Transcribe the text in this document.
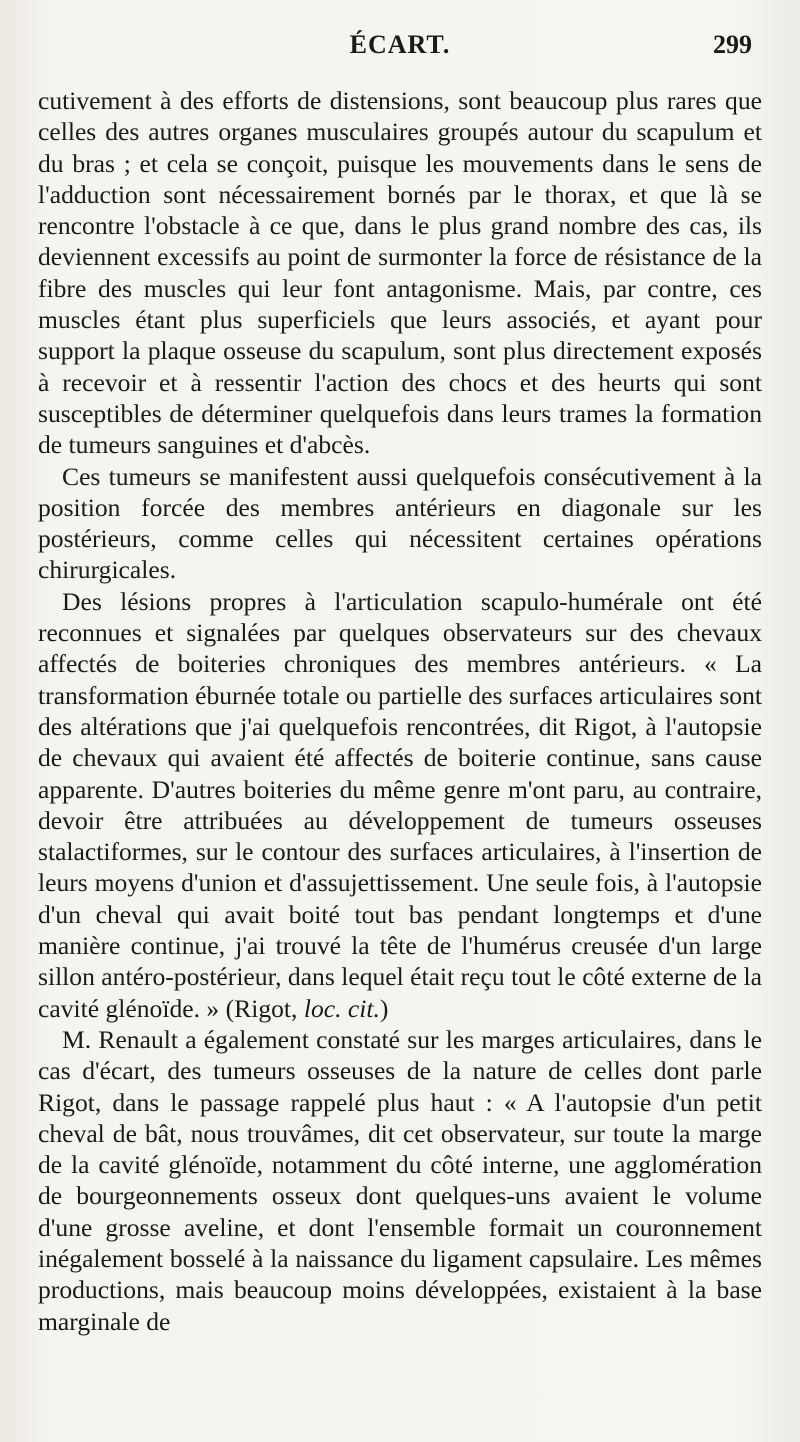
ÉCART.	299

cutivement à des efforts de distensions, sont beaucoup plus rares que celles des autres organes musculaires groupés autour du scapulum et du bras ; et cela se conçoit, puisque les mouvements dans le sens de l'adduction sont nécessairement bornés par le thorax, et que là se rencontre l'obstacle à ce que, dans le plus grand nombre des cas, ils deviennent excessifs au point de surmonter la force de résistance de la fibre des muscles qui leur font antagonisme. Mais, par contre, ces muscles étant plus superficiels que leurs associés, et ayant pour support la plaque osseuse du scapulum, sont plus directement exposés à recevoir et à ressentir l'action des chocs et des heurts qui sont susceptibles de déterminer quelquefois dans leurs trames la formation de tumeurs sanguines et d'abcès.

Ces tumeurs se manifestent aussi quelquefois consécutivement à la position forcée des membres antérieurs en diagonale sur les postérieurs, comme celles qui nécessitent certaines opérations chirurgicales.

Des lésions propres à l'articulation scapulo-humérale ont été reconnues et signalées par quelques observateurs sur des chevaux affectés de boiteries chroniques des membres antérieurs. « La transformation éburnée totale ou partielle des surfaces articulaires sont des altérations que j'ai quelquefois rencontrées, dit Rigot, à l'autopsie de chevaux qui avaient été affectés de boiterie continue, sans cause apparente. D'autres boiteries du même genre m'ont paru, au contraire, devoir être attribuées au développement de tumeurs osseuses stalactiformes, sur le contour des surfaces articulaires, à l'insertion de leurs moyens d'union et d'assujettissement. Une seule fois, à l'autopsie d'un cheval qui avait boité tout bas pendant longtemps et d'une manière continue, j'ai trouvé la tête de l'humérus creusée d'un large sillon antéro-postérieur, dans lequel était reçu tout le côté externe de la cavité glénoïde. » (Rigot, loc. cit.)

M. Renault a également constaté sur les marges articulaires, dans le cas d'écart, des tumeurs osseuses de la nature de celles dont parle Rigot, dans le passage rappelé plus haut : « A l'autopsie d'un petit cheval de bât, nous trouvâmes, dit cet observateur, sur toute la marge de la cavité glénoïde, notamment du côté interne, une agglomération de bourgeonnements osseux dont quelques-uns avaient le volume d'une grosse aveline, et dont l'ensemble formait un couronnement inégalement bosselé à la naissance du ligament capsulaire. Les mêmes productions, mais beaucoup moins développées, existaient à la base marginale de
